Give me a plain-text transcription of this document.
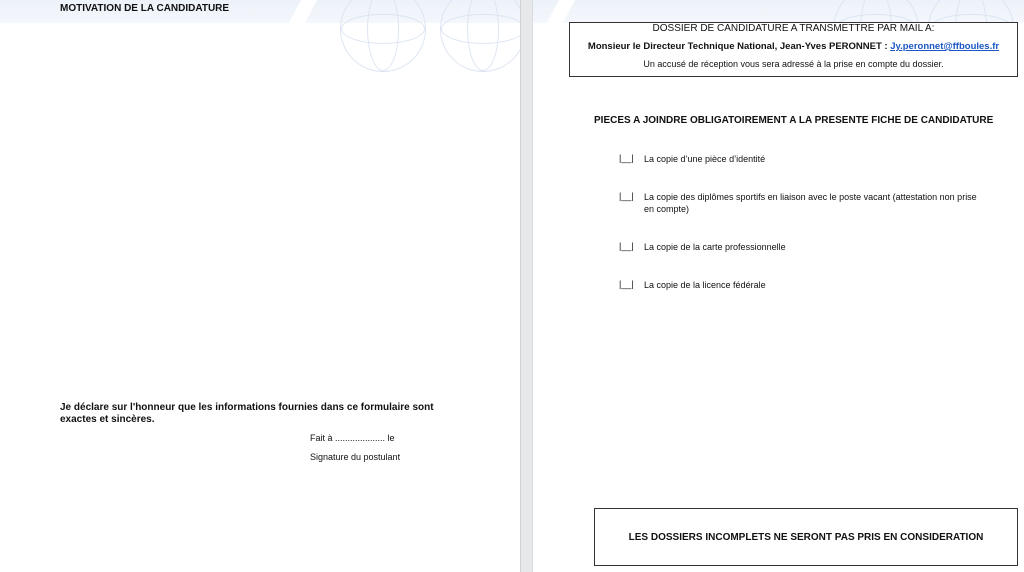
MOTIVATION DE LA CANDIDATURE
Je déclare sur l'honneur que les informations fournies dans ce formulaire sont exactes et sincères.
Fait à .................... le
Signature du postulant
DOSSIER DE CANDIDATURE A TRANSMETTRE PAR MAIL A:
Monsieur le Directeur Technique National, Jean-Yves PERONNET : Jy.peronnet@ffboules.fr
Un accusé de réception vous sera adressé à la prise en compte du dossier.
PIECES A JOINDRE OBLIGATOIREMENT A LA PRESENTE FICHE DE CANDIDATURE
|__|	La copie d’une pièce d’identité
|__|	La copie des diplômes sportifs en liaison avec le poste vacant (attestation non prise en compte)
|__|	La copie de la carte professionnelle
|__|	La copie de la licence fédérale
LES DOSSIERS INCOMPLETS NE SERONT PAS PRIS EN CONSIDERATION
